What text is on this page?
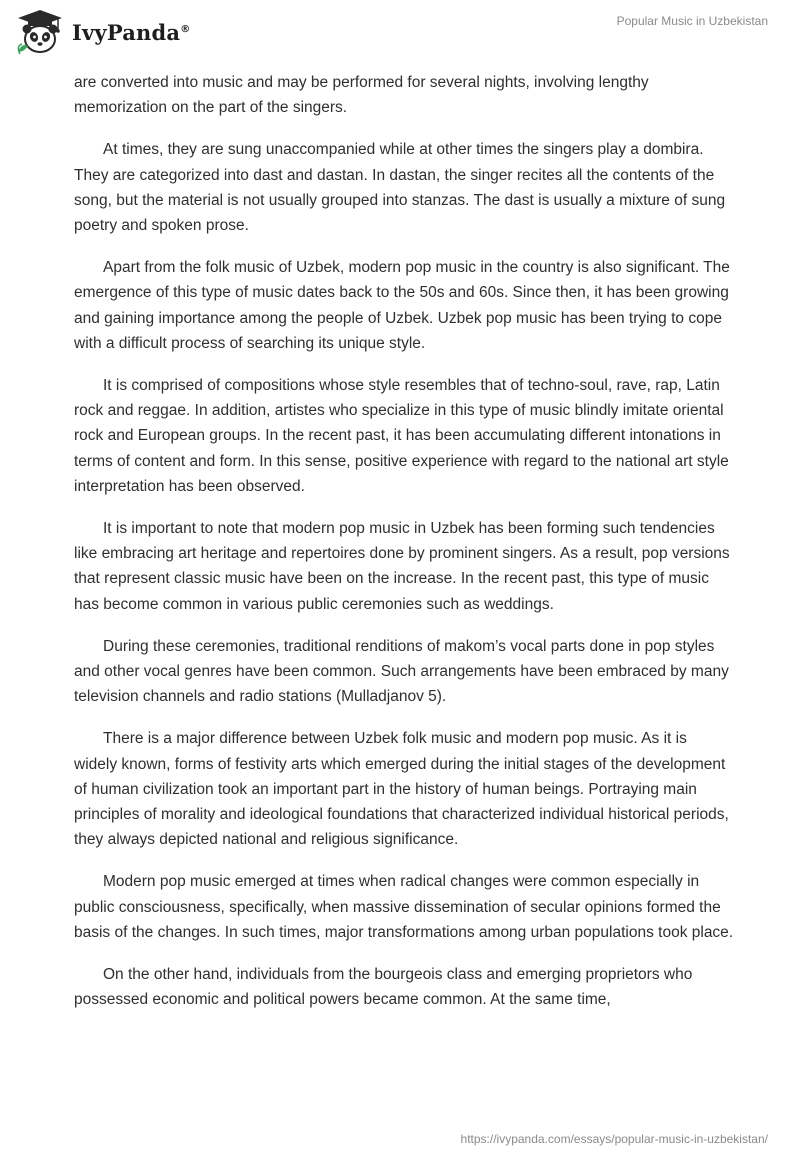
IvyPanda®
Popular Music in Uzbekistan

are converted into music and may be performed for several nights, involving lengthy memorization on the part of the singers.

At times, they are sung unaccompanied while at other times the singers play a dombira. They are categorized into dast and dastan. In dastan, the singer recites all the contents of the song, but the material is not usually grouped into stanzas. The dast is usually a mixture of sung poetry and spoken prose.

Apart from the folk music of Uzbek, modern pop music in the country is also significant. The emergence of this type of music dates back to the 50s and 60s. Since then, it has been growing and gaining importance among the people of Uzbek. Uzbek pop music has been trying to cope with a difficult process of searching its unique style.

It is comprised of compositions whose style resembles that of techno-soul, rave, rap, Latin rock and reggae. In addition, artistes who specialize in this type of music blindly imitate oriental rock and European groups. In the recent past, it has been accumulating different intonations in terms of content and form. In this sense, positive experience with regard to the national art style interpretation has been observed.

It is important to note that modern pop music in Uzbek has been forming such tendencies like embracing art heritage and repertoires done by prominent singers. As a result, pop versions that represent classic music have been on the increase. In the recent past, this type of music has become common in various public ceremonies such as weddings.

During these ceremonies, traditional renditions of makom’s vocal parts done in pop styles and other vocal genres have been common. Such arrangements have been embraced by many television channels and radio stations (Mulladjanov 5).

There is a major difference between Uzbek folk music and modern pop music. As it is widely known, forms of festivity arts which emerged during the initial stages of the development of human civilization took an important part in the history of human beings. Portraying main principles of morality and ideological foundations that characterized individual historical periods, they always depicted national and religious significance.

Modern pop music emerged at times when radical changes were common especially in public consciousness, specifically, when massive dissemination of secular opinions formed the basis of the changes. In such times, major transformations among urban populations took place.

On the other hand, individuals from the bourgeois class and emerging proprietors who possessed economic and political powers became common. At the same time,

https://ivypanda.com/essays/popular-music-in-uzbekistan/
